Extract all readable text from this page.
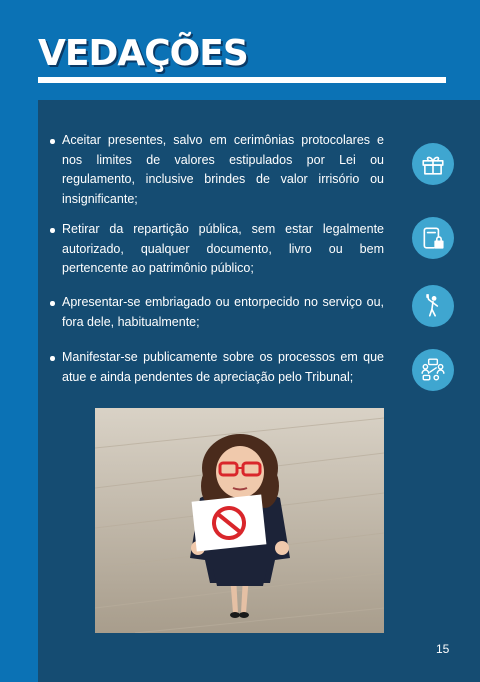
VEDAÇÕES
Aceitar presentes, salvo em cerimônias protocolares e nos limites de valores estipulados por Lei ou regulamento, inclusive brindes de valor irrisório ou insignificante;
Retirar da repartição pública, sem estar legalmente autorizado, qualquer documento, livro ou bem pertencente ao patrimônio público;
Apresentar-se embriagado ou entorpecido no serviço ou, fora dele, habitualmente;
Manifestar-se publicamente sobre os processos em que atue e ainda pendentes de apreciação pelo Tribunal;
15
